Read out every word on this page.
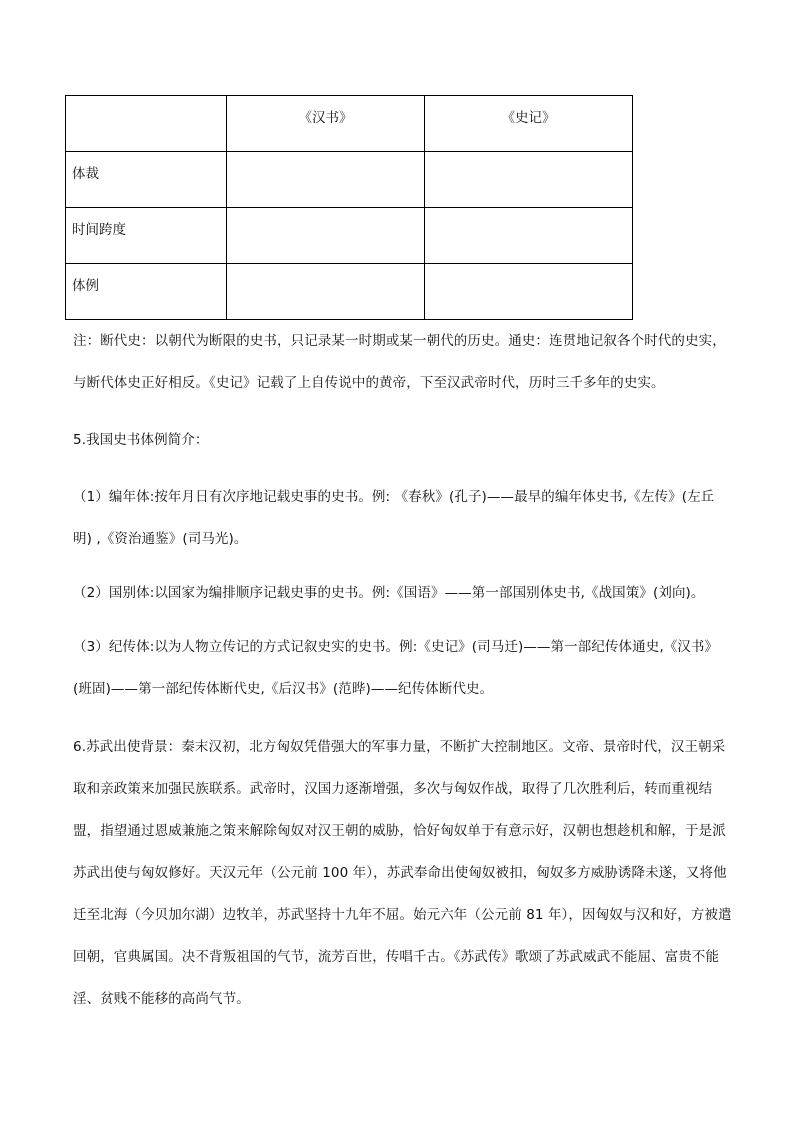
	《汉书》	《史记》
体裁		
时间跨度		
体例		

注：断代史：以朝代为断限的史书，只记录某一时期或某一朝代的历史。通史：连贯地记叙各个时代的史实，与断代体史正好相反。《史记》记载了上自传说中的黄帝，下至汉武帝时代，历时三千多年的史实。

5.我国史书体例简介：

（1）编年体:按年月日有次序地记载史事的史书。例: 《春秋》(孔子)——最早的编年体史书,《左传》(左丘明) ,《资治通鉴》(司马光)。

（2）国别体:以国家为编排顺序记载史事的史书。例:《国语》——第一部国别体史书,《战国策》(刘向)。

（3）纪传体:以为人物立传记的方式记叙史实的史书。例:《史记》(司马迁)——第一部纪传体通史,《汉书》(班固)——第一部纪传体断代史,《后汉书》(范晔)——纪传体断代史。

6.苏武出使背景：秦末汉初，北方匈奴凭借强大的军事力量，不断扩大控制地区。文帝、景帝时代，汉王朝采取和亲政策来加强民族联系。武帝时，汉国力逐渐增强，多次与匈奴作战，取得了几次胜利后，转而重视结盟，指望通过恩威兼施之策来解除匈奴对汉王朝的威胁，恰好匈奴单于有意示好，汉朝也想趁机和解，于是派苏武出使与匈奴修好。天汉元年（公元前 100 年），苏武奉命出使匈奴被扣，匈奴多方威胁诱降未遂，又将他迁至北海（今贝加尔湖）边牧羊，苏武坚持十九年不屈。始元六年（公元前 81 年），因匈奴与汉和好，方被遣回朝，官典属国。决不背叛祖国的气节，流芳百世，传唱千古。《苏武传》歌颂了苏武威武不能屈、富贵不能淫、贫贱不能移的高尚气节。
